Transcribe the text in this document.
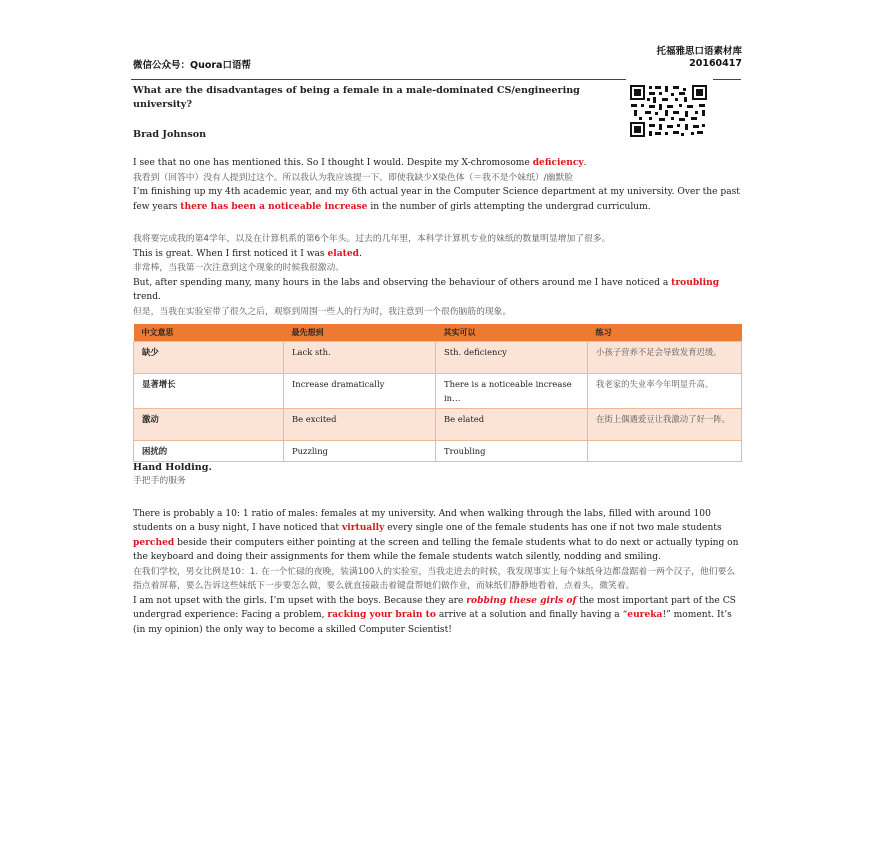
微信公众号：Quora口语帮
托福雅思口语素材库
20160417

What are the disadvantages of being a female in a male-dominated CS/engineering university?

Brad Johnson

I see that no one has mentioned this. So I thought I would. Despite my X-chromosome deficiency.

我看到（回答中）没有人提到过这个。所以我认为我应该提一下。即使我缺少X染色体（＝我不是个妹纸）/幽默脸

I’m finishing up my 4th academic year, and my 6th actual year in the Computer Science department at my university. Over the past few years there has been a noticeable increase in the number of girls attempting the undergrad curriculum.

我将要完成我的第4学年，以及在计算机系的第6个年头。过去的几年里，本科学计算机专业的妹纸的数量明显增加了很多。

This is great. When I first noticed it I was elated.

非常棒，当我第一次注意到这个现象的时候我很激动。

But, after spending many, many hours in the labs and observing the behaviour of others around me I have noticed a troubling trend.

但是，当我在实验室带了很久之后，观察到周围一些人的行为时，我注意到一个很伤脑筋的现象。

中文意思	最先想到	其实可以	练习
缺少	Lack sth.	Sth. deficiency	小孩子营养不足会导致发育迟缓。
显著增长	Increase dramatically	There is a noticeable increase in…	我老家的失业率今年明显升高。
激动	Be excited	Be elated	在街上偶遇爱豆让我激动了好一阵。
困扰的	Puzzling	Troubling	

Hand Holding.

手把手的服务

There is probably a 10: 1 ratio of males: females at my university. And when walking through the labs, filled with around 100 students on a busy night, I have noticed that virtually every single one of the female students has one if not two male students perched beside their computers either pointing at the screen and telling the female students what to do next or actually typing on the keyboard and doing their assignments for them while the female students watch silently, nodding and smiling.

在我们学校，男女比例是10：1. 在一个忙碌的夜晚，装满100人的实验室，当我走进去的时候，我发现事实上每个妹纸身边都盘踞着一两个汉子，他们要么指点着屏幕，要么告诉这些妹纸下一步要怎么做，要么就直接敲击着键盘帮她们做作业，而妹纸们静静地看着，点着头，微笑着。

I am not upset with the girls. I’m upset with the boys. Because they are robbing these girls of the most important part of the CS undergrad experience: Facing a problem, racking your brain to arrive at a solution and finally having a “eureka!” moment. It’s (in my opinion) the only way to become a skilled Computer Scientist!
